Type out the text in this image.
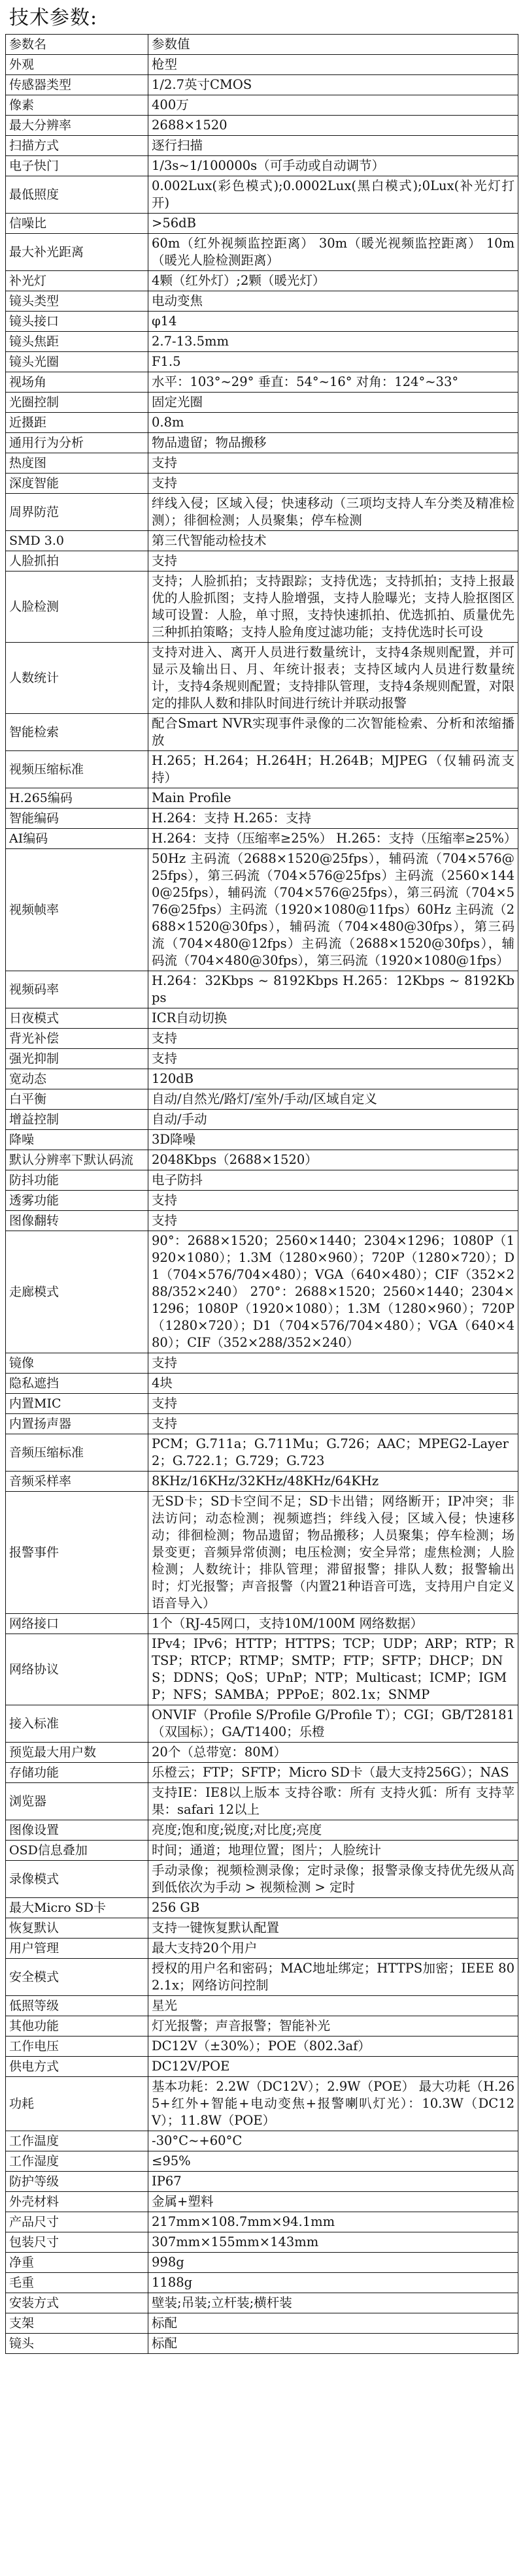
技术参数:
参数名	参数值
外观	枪型
传感器类型	1/2.7英寸CMOS
像素	400万
最大分辨率	2688×1520
扫描方式	逐行扫描
电子快门	1/3s~1/100000s（可手动或自动调节）
最低照度	0.002Lux(彩色模式);0.0002Lux(黑白模式);0Lux(补光灯打开)
信噪比	>56dB
最大补光距离	60m（红外视频监控距离） 30m（暖光视频监控距离） 10m（暖光人脸检测距离）
补光灯	4颗（红外灯）;2颗（暖光灯）
镜头类型	电动变焦
镜头接口	φ14
镜头焦距	2.7-13.5mm
镜头光圈	F1.5
视场角	水平：103°~29° 垂直：54°~16° 对角：124°~33°
光圈控制	固定光圈
近摄距	0.8m
通用行为分析	物品遗留；物品搬移
热度图	支持
深度智能	支持
周界防范	绊线入侵；区域入侵；快速移动（三项均支持人车分类及精准检测）；徘徊检测；人员聚集；停车检测
SMD 3.0	第三代智能动检技术
人脸抓拍	支持
人脸检测	支持；人脸抓拍；支持跟踪；支持优选；支持抓拍；支持上报最优的人脸抓图；支持人脸增强，支持人脸曝光；支持人脸抠图区域可设置：人脸，单寸照，支持快速抓拍、优选抓拍、质量优先三种抓拍策略；支持人脸角度过滤功能；支持优选时长可设
人数统计	支持对进入、离开人员进行数量统计，支持4条规则配置，并可显示及输出日、月、年统计报表；支持区域内人员进行数量统计，支持4条规则配置；支持排队管理，支持4条规则配置，对限定的排队人数和排队时间进行统计并联动报警
智能检索	配合Smart NVR实现事件录像的二次智能检索、分析和浓缩播放
视频压缩标准	H.265；H.264；H.264H；H.264B；MJPEG（仅辅码流支持）
H.265编码	Main Profile
智能编码	H.264：支持 H.265：支持
AI编码	H.264：支持（压缩率≥25%） H.265：支持（压缩率≥25%）
视频帧率	50Hz 主码流（2688×1520@25fps），辅码流（704×576@25fps），第三码流（704×576@25fps）主码流（2560×1440@25fps），辅码流（704×576@25fps），第三码流（704×576@25fps）主码流（1920×1080@11fps）60Hz 主码流（2688×1520@30fps），辅码流（704×480@30fps），第三码流（704×480@12fps）主码流（2688×1520@30fps），辅码流（704×480@30fps），第三码流（1920×1080@1fps）
视频码率	H.264：32Kbps ~ 8192Kbps H.265：12Kbps ~ 8192Kbps
日夜模式	ICR自动切换
背光补偿	支持
强光抑制	支持
宽动态	120dB
白平衡	自动/自然光/路灯/室外/手动/区域自定义
增益控制	自动/手动
降噪	3D降噪
默认分辨率下默认码流	2048Kbps（2688×1520）
防抖功能	电子防抖
透雾功能	支持
图像翻转	支持
走廊模式	90°：2688×1520；2560×1440；2304×1296；1080P（1920×1080）；1.3M（1280×960）；720P（1280×720）；D1（704×576/704×480）；VGA（640×480）；CIF（352×288/352×240） 270°：2688×1520；2560×1440；2304×1296；1080P（1920×1080）；1.3M（1280×960）；720P（1280×720）；D1（704×576/704×480）；VGA（640×480）；CIF（352×288/352×240）
镜像	支持
隐私遮挡	4块
内置MIC	支持
内置扬声器	支持
音频压缩标准	PCM；G.711a；G.711Mu；G.726；AAC；MPEG2-Layer2；G.722.1；G.729；G.723
音频采样率	8KHz/16KHz/32KHz/48KHz/64KHz
报警事件	无SD卡；SD卡空间不足；SD卡出错；网络断开；IP冲突；非法访问；动态检测；视频遮挡；绊线入侵；区域入侵；快速移动；徘徊检测；物品遗留；物品搬移；人员聚集；停车检测；场景变更；音频异常侦测；电压检测；安全异常；虚焦检测；人脸检测；人数统计；排队管理；滞留报警；排队人数；报警输出时；灯光报警；声音报警（内置21种语音可选，支持用户自定义语音导入）
网络接口	1个（RJ-45网口，支持10M/100M 网络数据）
网络协议	IPv4；IPv6；HTTP；HTTPS；TCP；UDP；ARP；RTP；RTSP；RTCP；RTMP；SMTP；FTP；SFTP；DHCP；DNS；DDNS；QoS；UPnP；NTP；Multicast；ICMP；IGMP；NFS；SAMBA；PPPoE；802.1x；SNMP
接入标准	ONVIF（Profile S/Profile G/Profile T）；CGI；GB/T28181（双国标）；GA/T1400；乐橙
预览最大用户数	20个（总带宽：80M）
存储功能	乐橙云；FTP；SFTP；Micro SD卡（最大支持256G）；NAS
浏览器	支持IE：IE8以上版本 支持谷歌：所有 支持火狐：所有 支持苹果：safari 12以上
图像设置	亮度;饱和度;锐度;对比度;亮度
OSD信息叠加	时间；通道；地理位置；图片；人脸统计
录像模式	手动录像；视频检测录像；定时录像；报警录像支持优先级从高到低依次为手动 > 视频检测 > 定时
最大Micro SD卡	256 GB
恢复默认	支持一键恢复默认配置
用户管理	最大支持20个用户
安全模式	授权的用户名和密码；MAC地址绑定；HTTPS加密；IEEE 802.1x；网络访问控制
低照等级	星光
其他功能	灯光报警；声音报警；智能补光
工作电压	DC12V（±30%）；POE（802.3af）
供电方式	DC12V/POE
功耗	基本功耗：2.2W（DC12V）；2.9W（POE） 最大功耗（H.265+红外+智能+电动变焦+报警喇叭灯光）：10.3W（DC12V）；11.8W（POE）
工作温度	-30°C~+60°C
工作湿度	≤95%
防护等级	IP67
外壳材料	金属+塑料
产品尺寸	217mm×108.7mm×94.1mm
包装尺寸	307mm×155mm×143mm
净重	998g
毛重	1188g
安装方式	壁装;吊装;立杆装;横杆装
支架	标配
镜头	标配
